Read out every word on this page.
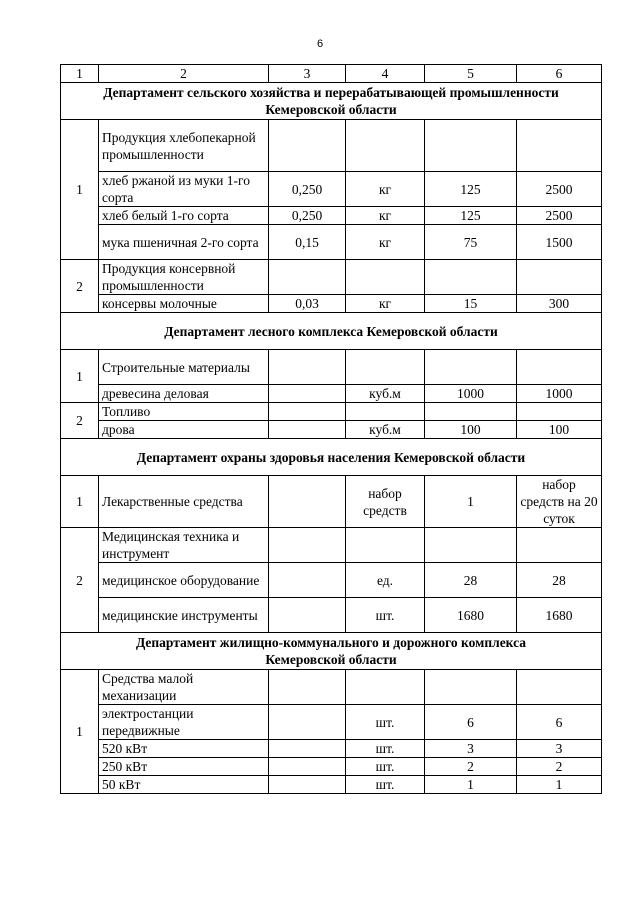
6
1	2	3	4	5	6
Департамент сельского хозяйства и перерабатывающей промышленности
Кемеровской области					
1	Продукция хлебопекарной промышленности				
	хлеб ржаной из муки 1-го сорта	0,250	кг	125	2500
	хлеб белый 1-го сорта	0,250	кг	125	2500
	мука пшеничная 2-го сорта	0,15	кг	75	1500
2	Продукция консервной промышленности				
	консервы молочные	0,03	кг	15	300
Департамент лесного комплекса Кемеровской области					
1	Строительные материалы				
	древесина деловая		куб.м	1000	1000
2	Топливо				
	дрова		куб.м	100	100
Департамент охраны здоровья населения Кемеровской области					
1	Лекарственные средства		набор средств	1	набор средств на 20 суток
2	Медицинская техника и инструмент				
	медицинское оборудование		ед.	28	28
	медицинские инструменты		шт.	1680	1680
Департамент жилищно-коммунального и дорожного комплекса
Кемеровской области					
1	Средства малой механизации				
	электростанции передвижные		шт.	6	6
	520 кВт		шт.	3	3
	250 кВт		шт.	2	2
	50 кВт		шт.	1	1
